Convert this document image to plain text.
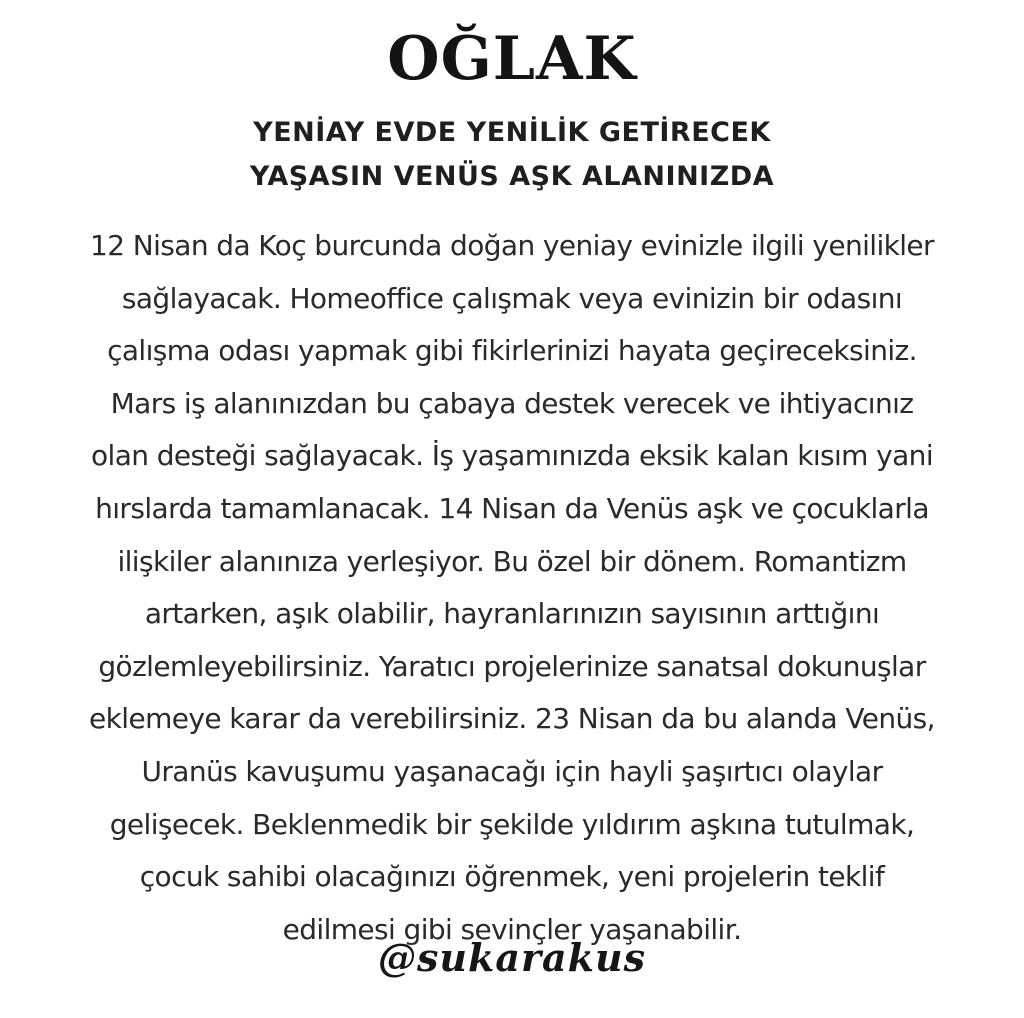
OĞLAK
YENİAY EVDE YENİLİK GETİRECEK
YAŞASIN VENÜS AŞK ALANINIZDA
12 Nisan da Koç burcunda doğan yeniay evinizle ilgili yenilikler
sağlayacak. Homeoffice çalışmak veya evinizin bir odasını
çalışma odası yapmak gibi fikirlerinizi hayata geçireceksiniz.
Mars iş alanınızdan bu çabaya destek verecek ve ihtiyacınız
olan desteği sağlayacak. İş yaşamınızda eksik kalan kısım yani
hırslarda tamamlanacak. 14 Nisan da Venüs aşk ve çocuklarla
ilişkiler alanınıza yerleşiyor. Bu özel bir dönem. Romantizm
artarken, aşık olabilir, hayranlarınızın sayısının arttığını
gözlemleyebilirsiniz. Yaratıcı projelerinize sanatsal dokunuşlar
eklemeye karar da verebilirsiniz. 23 Nisan da bu alanda Venüs,
Uranüs kavuşumu yaşanacağı için hayli şaşırtıcı olaylar
gelişecek. Beklenmedik bir şekilde yıldırım aşkına tutulmak,
çocuk sahibi olacağınızı öğrenmek, yeni projelerin teklif
edilmesi gibi sevinçler yaşanabilir.
@sukarakus
